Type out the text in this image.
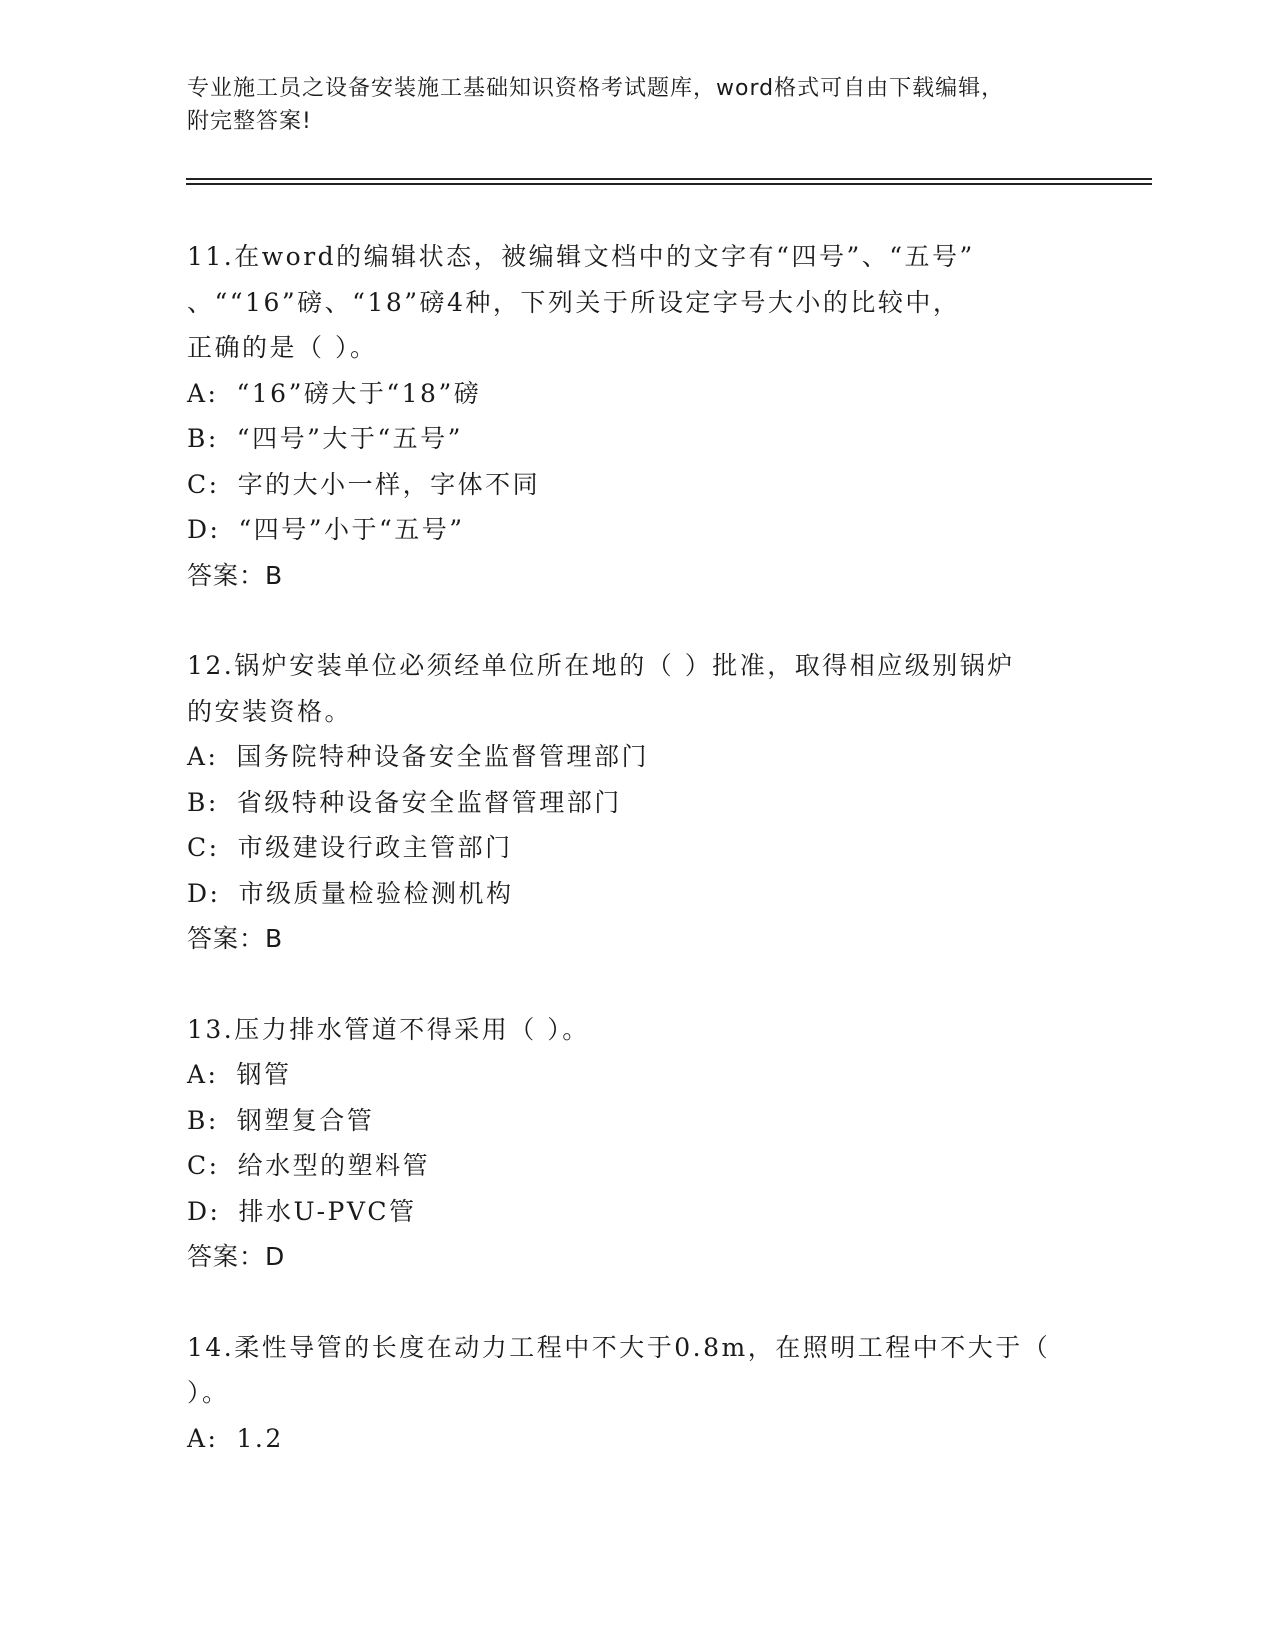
专业施工员之设备安装施工基础知识资格考试题库，word格式可自由下载编辑，
附完整答案!

11.在word的编辑状态，被编辑文档中的文字有“四号”、“五号”

、““16”磅、“18”磅4种，下列关于所设定字号大小的比较中，

正确的是（ ）。

A: “16”磅大于“18”磅

B: “四号”大于“五号”

C: 字的大小一样，字体不同

D: “四号”小于“五号”

答案：B

12.锅炉安装单位必须经单位所在地的（ ）批准，取得相应级别锅炉

的安装资格。

A: 国务院特种设备安全监督管理部门

B: 省级特种设备安全监督管理部门

C: 市级建设行政主管部门

D: 市级质量检验检测机构

答案：B

13.压力排水管道不得采用（ ）。

A: 钢管

B: 钢塑复合管

C: 给水型的塑料管

D: 排水U-PVC管

答案：D

14.柔性导管的长度在动力工程中不大于0.8m，在照明工程中不大于（

）。

A: 1.2
